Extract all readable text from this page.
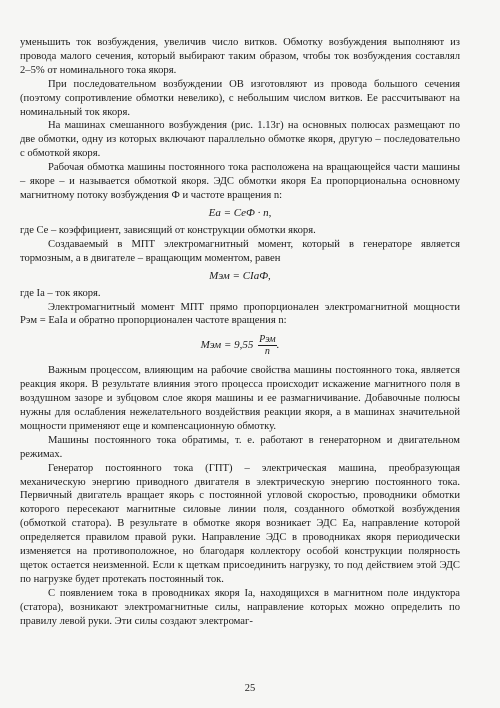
уменьшить ток возбуждения, увеличив число витков. Обмотку возбуждения выполняют из провода малого сечения, который выбирают таким образом, чтобы ток возбуждения составлял 2–5% от номинального тока якоря.

При последовательном возбуждении ОВ изготовляют из провода большого сечения (поэтому сопротивление обмотки невелико), с небольшим числом витков. Ее рассчитывают на номинальный ток якоря.

На машинах смешанного возбуждения (рис. 1.13г) на основных полюсах размещают по две обмотки, одну из которых включают параллельно обмотке якоря, другую – последовательно с обмоткой якоря.

Рабочая обмотка машины постоянного тока расположена на вращающейся части машины – якоре – и называется обмоткой якоря. ЭДС обмотки якоря Eа пропорциональна основному магнитному потоку возбуждения Ф и частоте вращения n:

Eа = CеФ · n,

где Cе – коэффициент, зависящий от конструкции обмотки якоря.

Создаваемый в МПТ электромагнитный момент, который в генераторе является тормозным, а в двигателе – вращающим моментом, равен

Mэм = CIаФ,

где Iа – ток якоря.

Электромагнитный момент МПТ прямо пропорционален электромагнитной мощности Pэм = EаIа и обратно пропорционален частоте вращения n:

Mэм = $9,55 \frac{\text{Pэм}}{n}$ .

Важным процессом, влияющим на рабочие свойства машины постоянного тока, является реакция якоря. В результате влияния этого процесса происходит искажение магнитного поля в воздушном зазоре и зубцовом слое якоря машины и ее размагничивание. Добавочные полюсы нужны для ослабления нежелательного воздействия реакции якоря, а в машинах значительной мощности применяют еще и компенсационную обмотку.

Машины постоянного тока обратимы, т. е. работают в генераторном и двигательном режимах.

Генератор постоянного тока (ГПТ) – электрическая машина, преобразующая механическую энергию приводного двигателя в электрическую энергию постоянного тока. Первичный двигатель вращает якорь с постоянной угловой скоростью, проводники обмотки которого пересекают магнитные силовые линии поля, созданного обмоткой возбуждения (обмоткой статора). В результате в обмотке якоря возникает ЭДС Eа, направление которой определяется правилом правой руки. Направление ЭДС в проводниках якоря периодически изменяется на противоположное, но благодаря коллектору особой конструкции полярность щеток остается неизменной. Если к щеткам присоединить нагрузку, то под действием этой ЭДС по нагрузке будет протекать постоянный ток.

С появлением тока в проводниках якоря Iа, находящихся в магнитном поле индуктора (статора), возникают электромагнитные силы, направление которых можно определить по правилу левой руки. Эти силы создают электромаг-

25
